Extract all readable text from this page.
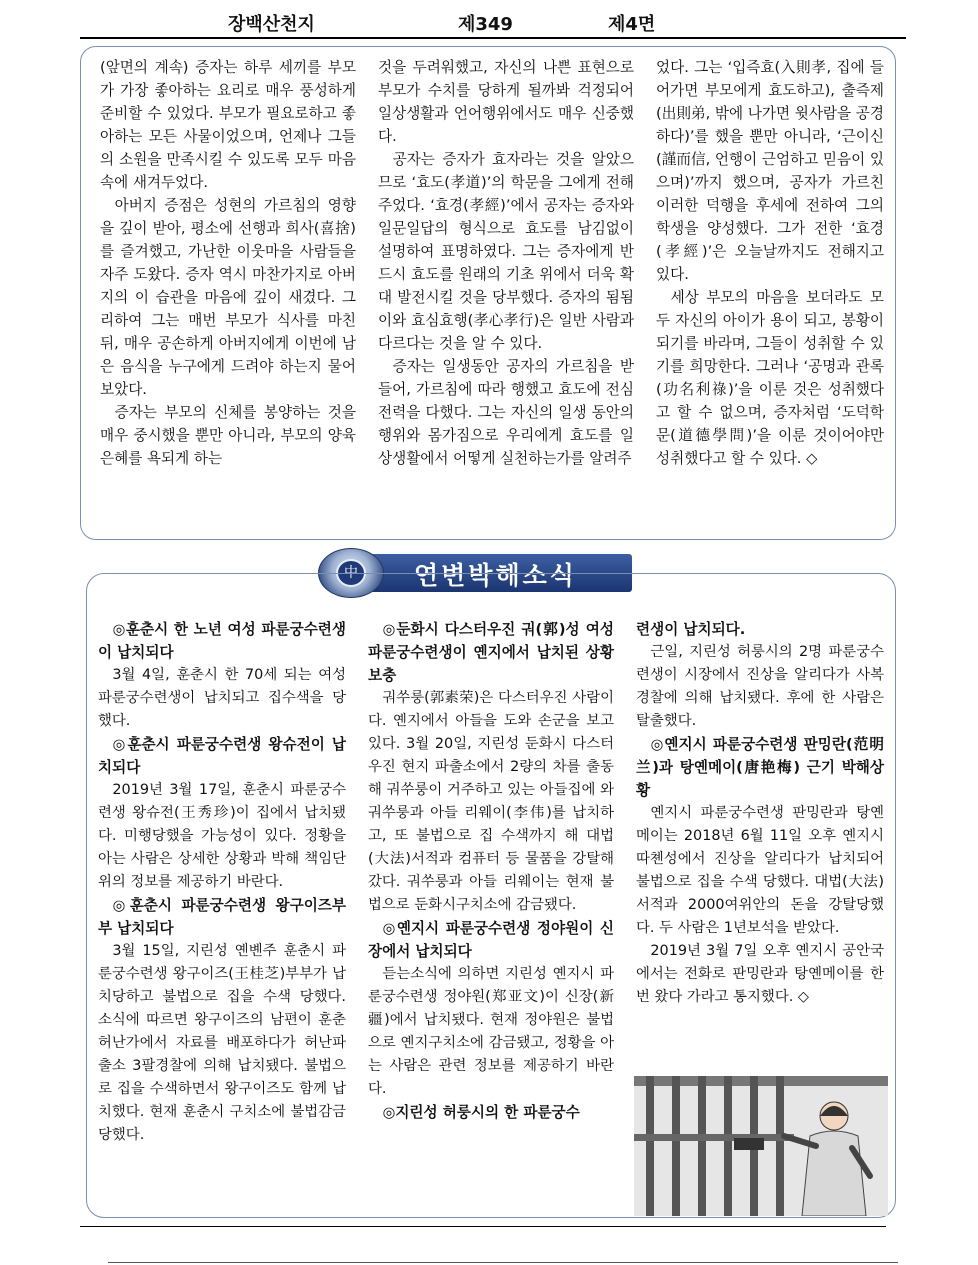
장백산천지	제349	제4면

(앞면의 계속) 증자는 하루 세끼를 부모가 가장 좋아하는 요리로 매우 풍성하게 준비할 수 있었다. 부모가 필요로하고 좋아하는 모든 사물이었으며, 언제나 그들의 소원을 만족시킬 수 있도록 모두 마음속에 새겨두었다.

아버지 증점은 성현의 가르침의 영향을 깊이 받아, 평소에 선행과 희사(喜捨)를 즐겨했고, 가난한 이웃마을 사람들을 자주 도왔다. 증자 역시 마찬가지로 아버지의 이 습관을 마음에 깊이 새겼다. 그리하여 그는 매번 부모가 식사를 마친 뒤, 매우 공손하게 아버지에게 이번에 남은 음식을 누구에게 드려야 하는지 물어보았다.

증자는 부모의 신체를 봉양하는 것을 매우 중시했을 뿐만 아니라, 부모의 양육 은혜를 욕되게 하는

것을 두려워했고, 자신의 나쁜 표현으로 부모가 수치를 당하게 될까봐 걱정되어 일상생활과 언어행위에서도 매우 신중했다.

공자는 증자가 효자라는 것을 알았으므로 ‘효도(孝道)’의 학문을 그에게 전해주었다. ‘효경(孝經)’에서 공자는 증자와 일문일답의 형식으로 효도를 남김없이 설명하여 표명하였다. 그는 증자에게 반드시 효도를 원래의 기초 위에서 더욱 확대 발전시킬 것을 당부했다. 증자의 됨됨이와 효심효행(孝心孝行)은 일반 사람과 다르다는 것을 알 수 있다.

증자는 일생동안 공자의 가르침을 받들어, 가르침에 따라 행했고 효도에 전심전력을 다했다. 그는 자신의 일생 동안의 행위와 몸가짐으로 우리에게 효도를 일상생활에서 어떻게 실천하는가를 알려주

었다. 그는 ‘입즉효(入則孝, 집에 들어가면 부모에게 효도하고), 출즉제(出則弟, 밖에 나가면 윗사람을 공경하다)’를 했을 뿐만 아니라, ‘근이신(謹而信, 언행이 근엄하고 믿음이 있으며)’까지 했으며, 공자가 가르친 이러한 덕행을 후세에 전하여 그의 학생을 양성했다. 그가 전한 ‘효경(孝經)’은 오늘날까지도 전해지고 있다.

세상 부모의 마음을 보더라도 모두 자신의 아이가 용이 되고, 봉황이 되기를 바라며, 그들이 성취할 수 있기를 희망한다. 그러나 ‘공명과 관록(功名利祿)’을 이룬 것은 성취했다고 할 수 없으며, 증자처럼 ‘도덕학문(道德學問)’을 이룬 것이어야만 성취했다고 할 수 있다. ◇

연변박해소식
中
◎훈춘시 한 노년 여성 파룬궁수련생이 납치되다

3월 4일, 훈춘시 한 70세 되는 여성 파룬궁수련생이 납치되고 집수색을 당했다.

◎훈춘시 파룬궁수련생 왕슈전이 납치되다

2019년 3월 17일, 훈춘시 파룬궁수련생 왕슈전(王秀珍)이 집에서 납치됐다. 미행당했을 가능성이 있다. 정황을 아는 사람은 상세한 상황과 박해 책임단위의 정보를 제공하기 바란다.

◎훈춘시 파룬궁수련생 왕구이즈부부 납치되다

3월 15일, 지린성 옌볜주 훈춘시 파룬궁수련생 왕구이즈(王桂芝)부부가 납치당하고 불법으로 집을 수색 당했다. 소식에 따르면 왕구이즈의 남편이 훈춘 허난가에서 자료를 배포하다가 허난파출소 3팔경찰에 의해 납치됐다. 불법으로 집을 수색하면서 왕구이즈도 함께 납치했다. 현재 훈춘시 구치소에 불법감금당했다.

◎둔화시 다스터우진 궈(郭)성 여성 파룬궁수련생이 옌지에서 납치된 상황보충

궈쑤룽(郭素荣)은 다스터우진 사람이다. 옌지에서 아들을 도와 손군을 보고있다. 3월 20일, 지린성 둔화시 다스터우진 현지 파출소에서 2량의 차를 출동해 궈쑤룽이 거주하고 있는 아들집에 와 궈쑤룽과 아들 리웨이(李伟)를 납치하고, 또 불법으로 집 수색까지 해 대법(大法)서적과 컴퓨터 등 물품을 강탈해 갔다. 궈쑤룽과 아들 리웨이는 현재 불법으로 둔화시구치소에 감금됐다.

◎옌지시 파룬궁수련생 정야원이 신장에서 납치되다

듣는소식에 의하면 지린성 옌지시 파룬궁수련생 정야원(郑亚文)이 신장(新疆)에서 납치됐다. 현재 정야원은 불법으로 옌지구치소에 감금됐고, 정황을 아는 사람은 관련 정보를 제공하기 바란다.

◎지린성 허룽시의 한 파룬궁수
련생이 납치되다.

근일, 지린성 허룽시의 2명 파룬궁수련생이 시장에서 진상을 알리다가 사복경찰에 의해 납치됐다. 후에 한 사람은 탈출했다.

◎옌지시 파룬궁수련생 판밍란(范明兰)과 탕옌메이(唐艳梅) 근기 박해상황

옌지시 파룬궁수련생 판밍란과 탕옌메이는 2018년 6월 11일 오후 옌지시 따쳰성에서 진상을 알리다가 납치되어 불법으로 집을 수색 당했다. 대법(大法)서적과 2000여위안의 돈을 강탈당했다. 두 사람은 1년보석을 받았다.

2019년 3월 7일 오후 옌지시 공안국에서는 전화로 판밍란과 탕옌메이를 한번 왔다 가라고 통지했다. ◇
